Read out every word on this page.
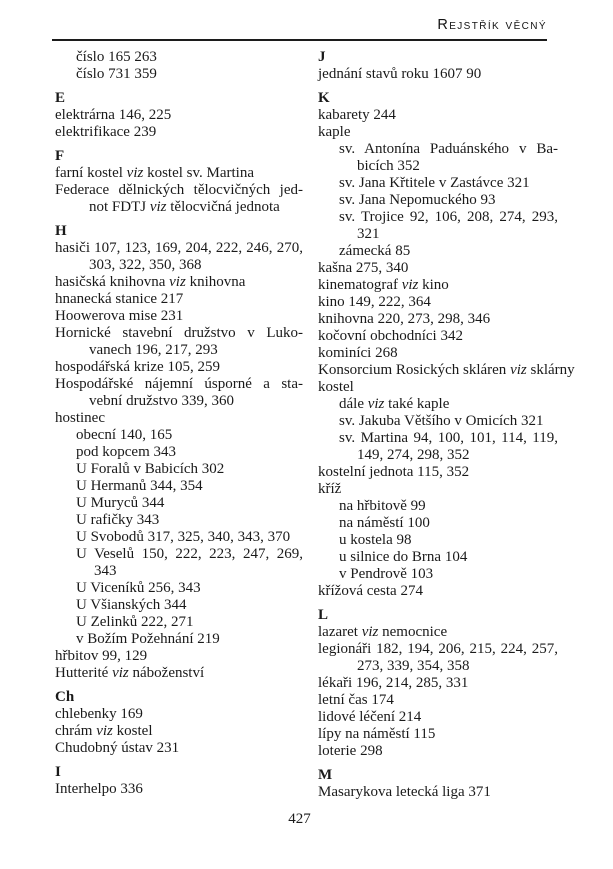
Rejstřík věcný
číslo 165 263
číslo 731 359
E
elektrárna 146, 225
elektrifikace 239
F
farní kostel viz kostel sv. Martina
Federace dělnických tělocvičných jed-
not FDTJ viz tělocvičná jednota
H
hasiči 107, 123, 169, 204, 222, 246, 270,
303, 322, 350, 368
hasičská knihovna viz knihovna
hnanecká stanice 217
Hoowerova mise 231
Hornické stavební družstvo v Luko-
vanech 196, 217, 293
hospodářská krize 105, 259
Hospodářské nájemní úsporné a sta-
vební družstvo 339, 360
hostinec
obecní 140, 165
pod kopcem 343
U Foralů v Babicích 302
U Hermanů 344, 354
U Muryců 344
U rafičky 343
U Svobodů 317, 325, 340, 343, 370
U Veselů 150, 222, 223, 247, 269,
343
U Viceníků 256, 343
U Všianských 344
U Zelinků 222, 271
v Božím Požehnání 219
hřbitov 99, 129
Hutterité viz náboženství
Ch
chlebenky 169
chrám viz kostel
Chudobný ústav 231
I
Interhelpo 336
J
jednání stavů roku 1607 90
K
kabarety 244
kaple
sv. Antonína Paduánského v Ba-
bicích 352
sv. Jana Křtitele v Zastávce 321
sv. Jana Nepomuckého 93
sv. Trojice 92, 106, 208, 274, 293,
321
zámecká 85
kašna 275, 340
kinematograf viz kino
kino 149, 222, 364
knihovna 220, 273, 298, 346
kočovní obchodníci 342
kominíci 268
Konsorcium Rosických skláren viz sklárny
kostel
dále viz také kaple
sv. Jakuba Většího v Omicích 321
sv. Martina 94, 100, 101, 114, 119,
149, 274, 298, 352
kostelní jednota 115, 352
kříž
na hřbitově 99
na náměstí 100
u kostela 98
u silnice do Brna 104
v Pendrově 103
křížová cesta 274
L
lazaret viz nemocnice
legionáři 182, 194, 206, 215, 224, 257,
273, 339, 354, 358
lékaři 196, 214, 285, 331
letní čas 174
lidové léčení 214
lípy na náměstí 115
loterie 298
M
Masarykova letecká liga 371
427
